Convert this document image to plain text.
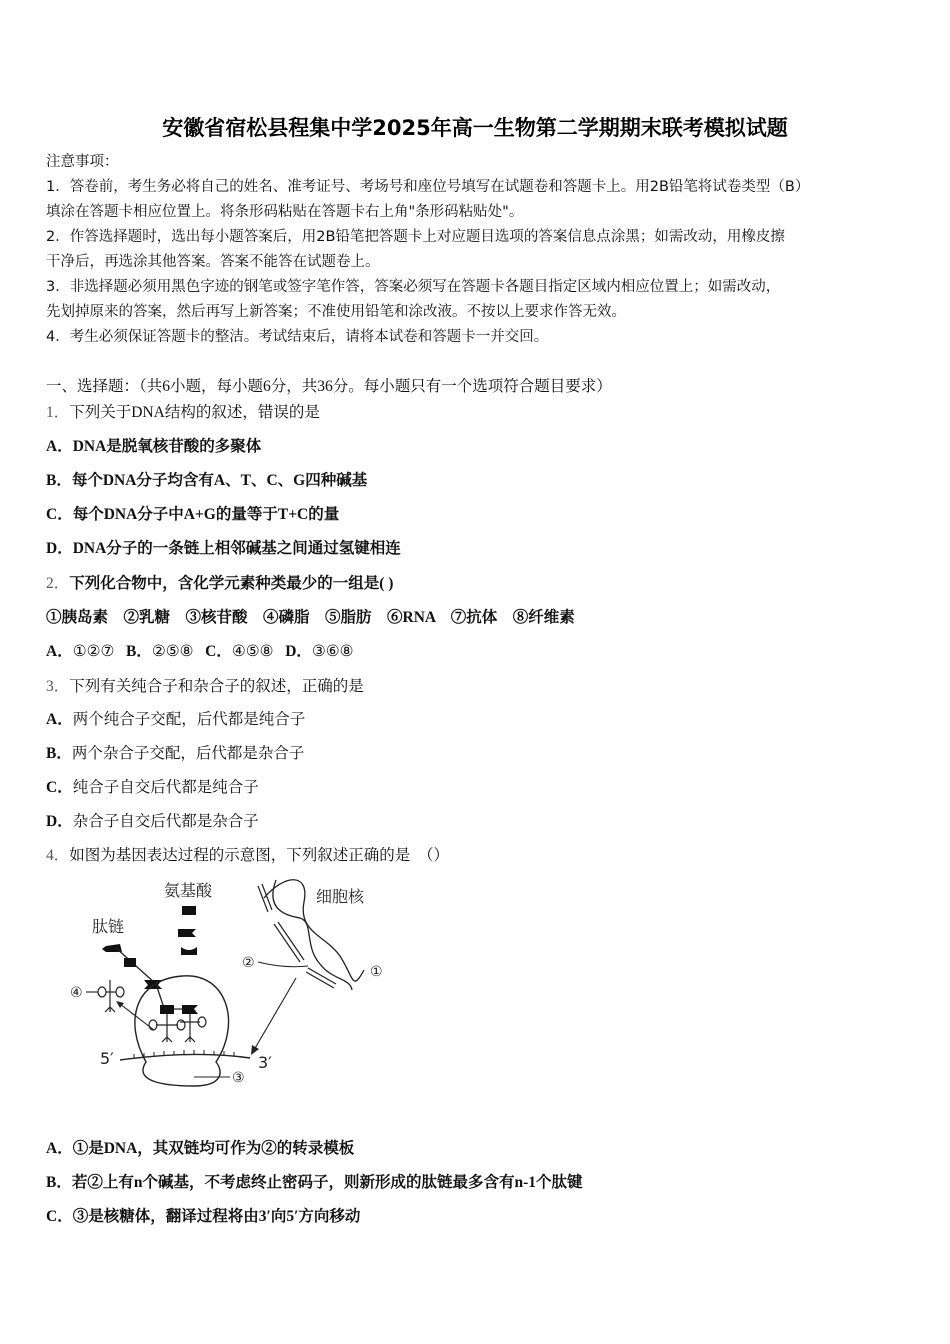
安徽省宿松县程集中学2025年高一生物第二学期期末联考模拟试题
注意事项：
1．答卷前，考生务必将自己的姓名、准考证号、考场号和座位号填写在试题卷和答题卡上。用2B铅笔将试卷类型（B）
填涂在答题卡相应位置上。将条形码粘贴在答题卡右上角"条形码粘贴处"。
2．作答选择题时，选出每小题答案后，用2B铅笔把答题卡上对应题目选项的答案信息点涂黑；如需改动，用橡皮擦
干净后，再选涂其他答案。答案不能答在试题卷上。
3．非选择题必须用黑色字迹的钢笔或签字笔作答，答案必须写在答题卡各题目指定区域内相应位置上；如需改动，
先划掉原来的答案，然后再写上新答案；不准使用铅笔和涂改液。不按以上要求作答无效。
4．考生必须保证答题卡的整洁。考试结束后，请将本试卷和答题卡一并交回。
一、选择题：（共6小题，每小题6分，共36分。每小题只有一个选项符合题目要求）
1．下列关于DNA结构的叙述，错误的是
A．DNA是脱氧核苷酸的多聚体
B．每个DNA分子均含有A、T、C、G四种碱基
C．每个DNA分子中A+G的量等于T+C的量
D．DNA分子的一条链上相邻碱基之间通过氢键相连
2．下列化合物中，含化学元素种类最少的一组是( )
①胰岛素　②乳糖　③核苷酸　④磷脂　⑤脂肪　⑥RNA　⑦抗体　⑧纤维素
A．①②⑦ B．②⑤⑧ C．④⑤⑧ D．③⑥⑧
3．下列有关纯合子和杂合子的叙述，正确的是
A．两个纯合子交配，后代都是纯合子
B．两个杂合子交配，后代都是杂合子
C．纯合子自交后代都是纯合子
D．杂合子自交后代都是杂合子
4．如图为基因表达过程的示意图，下列叙述正确的是　（）
氨基酸
肽链
④
5′	3′
③
细胞核
①
②
A．①是DNA，其双链均可作为②的转录模板
B．若②上有n个碱基，不考虑终止密码子，则新形成的肽链最多含有n-1个肽键
C．③是核糖体，翻译过程将由3′向5′方向移动
